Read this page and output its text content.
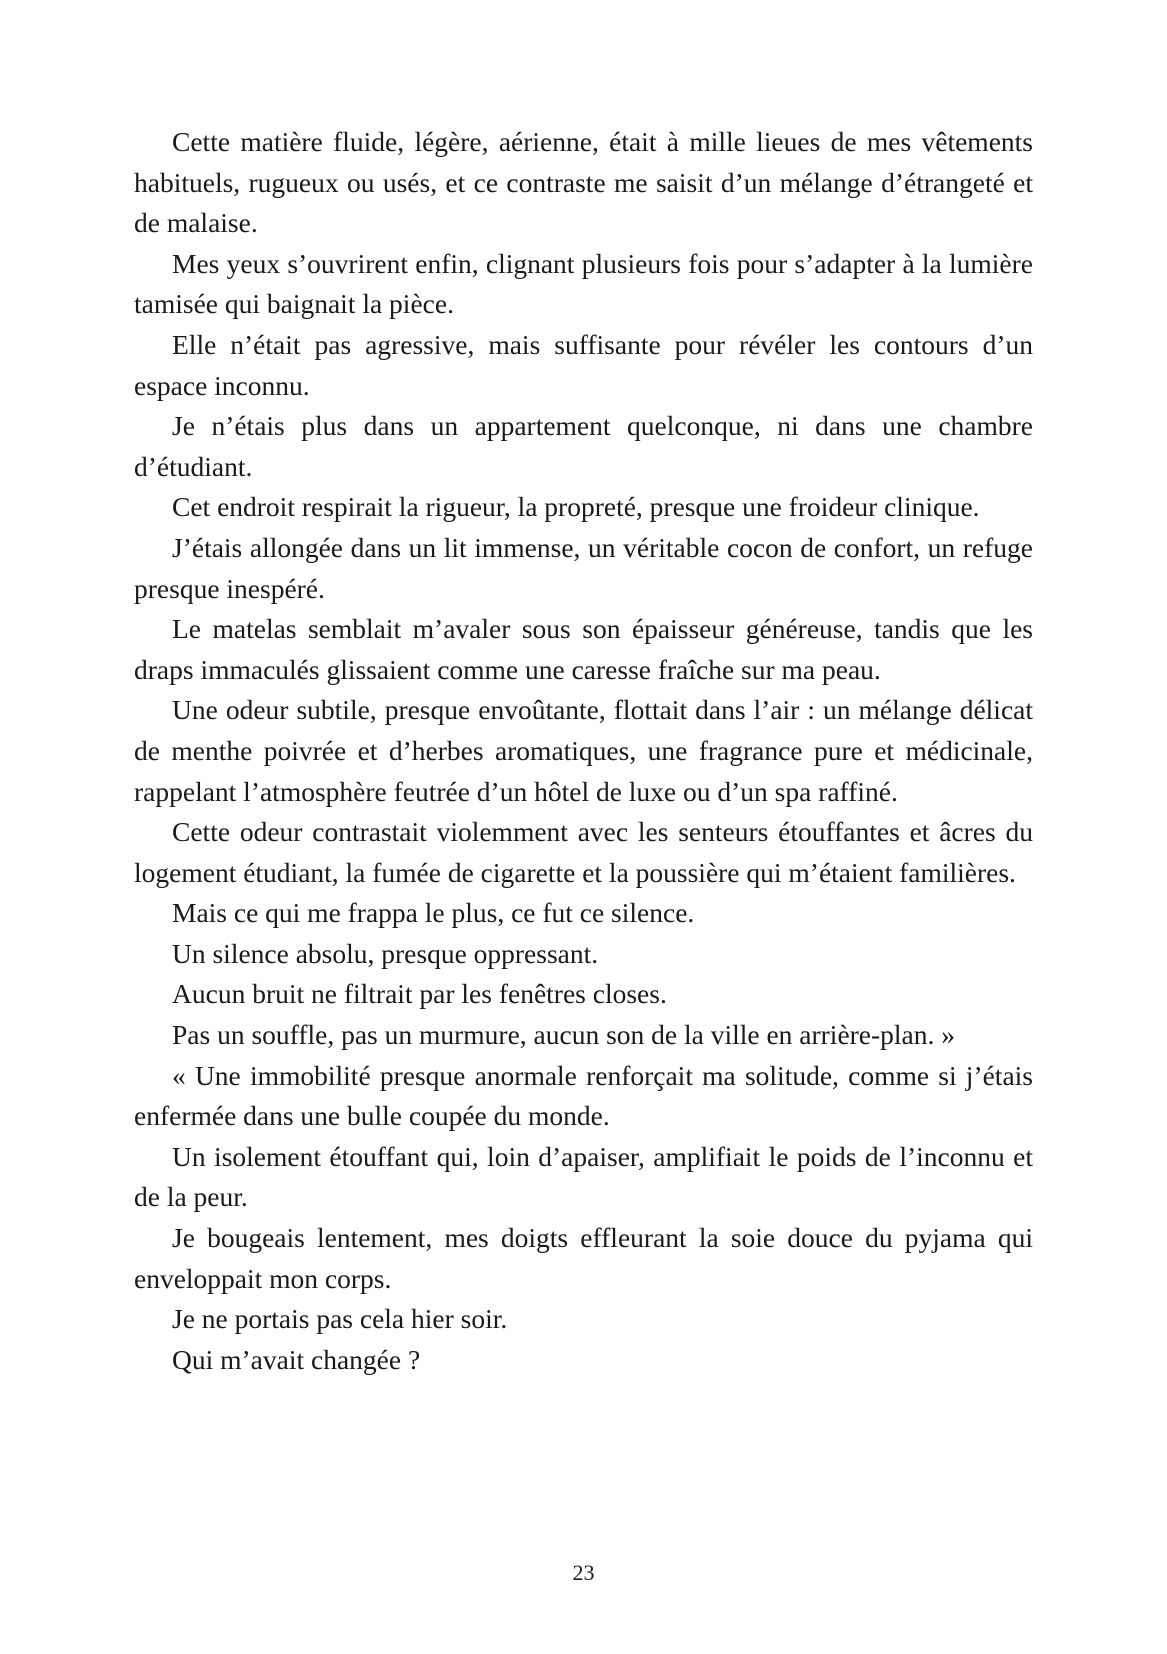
Cette matière fluide, légère, aérienne, était à mille lieues de mes vêtements habituels, rugueux ou usés, et ce contraste me saisit d’un mélange d’étrangeté et de malaise.

Mes yeux s’ouvrirent enfin, clignant plusieurs fois pour s’adapter à la lumière tamisée qui baignait la pièce.

Elle n’était pas agressive, mais suffisante pour révéler les contours d’un espace inconnu.

Je n’étais plus dans un appartement quelconque, ni dans une chambre d’étudiant.

Cet endroit respirait la rigueur, la propreté, presque une froideur clinique.

J’étais allongée dans un lit immense, un véritable cocon de confort, un refuge presque inespéré.

Le matelas semblait m’avaler sous son épaisseur généreuse, tandis que les draps immaculés glissaient comme une caresse fraîche sur ma peau.

Une odeur subtile, presque envoûtante, flottait dans l’air : un mélange délicat de menthe poivrée et d’herbes aromatiques, une fragrance pure et médicinale, rappelant l’atmosphère feutrée d’un hôtel de luxe ou d’un spa raffiné.

Cette odeur contrastait violemment avec les senteurs étouffantes et âcres du logement étudiant, la fumée de cigarette et la poussière qui m’étaient familières.

Mais ce qui me frappa le plus, ce fut ce silence.

Un silence absolu, presque oppressant.

Aucun bruit ne filtrait par les fenêtres closes.

Pas un souffle, pas un murmure, aucun son de la ville en arrière-plan. »

« Une immobilité presque anormale renforçait ma solitude, comme si j’étais enfermée dans une bulle coupée du monde.

Un isolement étouffant qui, loin d’apaiser, amplifiait le poids de l’inconnu et de la peur.

Je bougeais lentement, mes doigts effleurant la soie douce du pyjama qui enveloppait mon corps.

Je ne portais pas cela hier soir.

Qui m’avait changée ?

23
